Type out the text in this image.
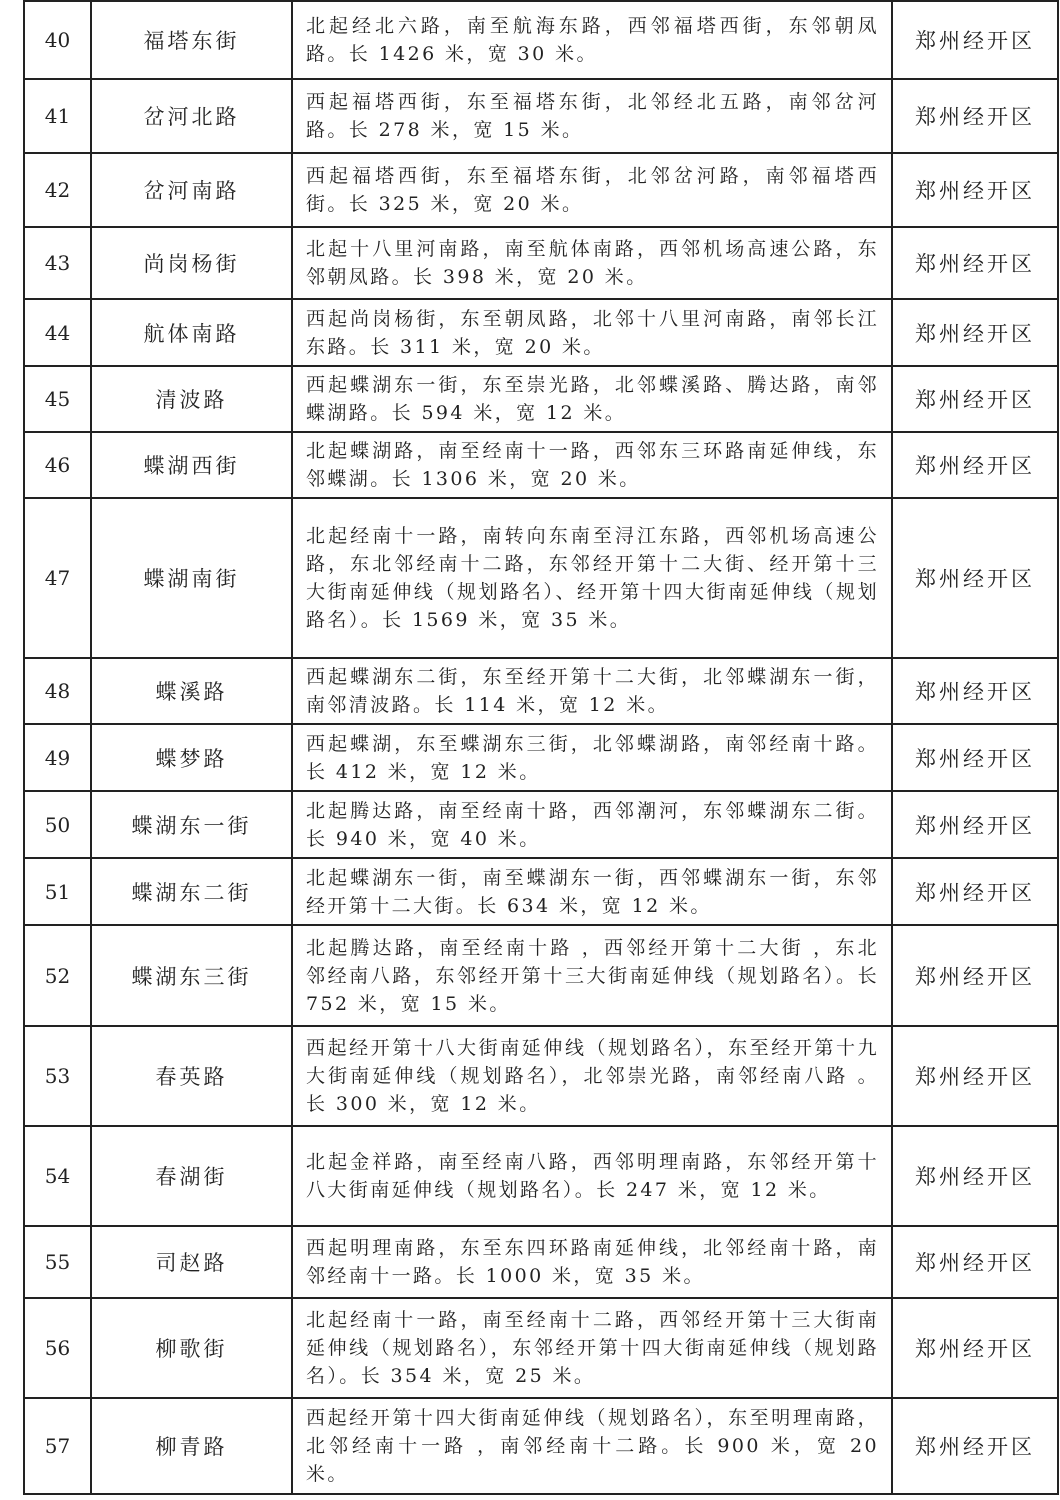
40	福塔东街	北起经北六路，南至航海东路，西邻福塔西街，东邻朝凤路。长 1426 米，宽 30 米。	郑州经开区
41	岔河北路	西起福塔西街，东至福塔东街，北邻经北五路，南邻岔河路。长 278 米，宽 15 米。	郑州经开区
42	岔河南路	西起福塔西街，东至福塔东街，北邻岔河路，南邻福塔西街。长 325 米，宽 20 米。	郑州经开区
43	尚岗杨街	北起十八里河南路，南至航体南路，西邻机场高速公路，东邻朝凤路。长 398 米，宽 20 米。	郑州经开区
44	航体南路	西起尚岗杨街，东至朝凤路，北邻十八里河南路，南邻长江东路。长 311 米，宽 20 米。	郑州经开区
45	清波路	西起蝶湖东一街，东至崇光路，北邻蝶溪路、腾达路，南邻蝶湖路。长 594 米，宽 12 米。	郑州经开区
46	蝶湖西街	北起蝶湖路，南至经南十一路，西邻东三环路南延伸线，东邻蝶湖。长 1306 米，宽 20 米。	郑州经开区
47	蝶湖南街	北起经南十一路，南转向东南至浔江东路，西邻机场高速公路，东北邻经南十二路，东邻经开第十二大街、经开第十三大街南延伸线（规划路名）、经开第十四大街南延伸线（规划路名）。长 1569 米，宽 35 米。	郑州经开区
48	蝶溪路	西起蝶湖东二街，东至经开第十二大街，北邻蝶湖东一街，南邻清波路。长 114 米，宽 12 米。	郑州经开区
49	蝶梦路	西起蝶湖，东至蝶湖东三街，北邻蝶湖路，南邻经南十路。长 412 米，宽 12 米。	郑州经开区
50	蝶湖东一街	北起腾达路，南至经南十路，西邻潮河，东邻蝶湖东二街。长 940 米，宽 40 米。	郑州经开区
51	蝶湖东二街	北起蝶湖东一街，南至蝶湖东一街，西邻蝶湖东一街，东邻经开第十二大街。长 634 米，宽 12 米。	郑州经开区
52	蝶湖东三街	北起腾达路，南至经南十路 ，西邻经开第十二大街 ，东北邻经南八路，东邻经开第十三大街南延伸线（规划路名）。长 752 米，宽 15 米。	郑州经开区
53	春英路	西起经开第十八大街南延伸线（规划路名），东至经开第十九大街南延伸线（规划路名），北邻崇光路，南邻经南八路 。长 300 米，宽 12 米。	郑州经开区
54	春湖街	北起金祥路，南至经南八路，西邻明理南路，东邻经开第十八大街南延伸线（规划路名）。长 247 米，宽 12 米。	郑州经开区
55	司赵路	西起明理南路，东至东四环路南延伸线，北邻经南十路，南邻经南十一路。长 1000 米，宽 35 米。	郑州经开区
56	柳歌街	北起经南十一路，南至经南十二路，西邻经开第十三大街南延伸线（规划路名），东邻经开第十四大街南延伸线（规划路名）。长 354 米，宽 25 米。	郑州经开区
57	柳青路	西起经开第十四大街南延伸线（规划路名），东至明理南路，北邻经南十一路 ，南邻经南十二路。长 900 米，宽 20 米。	郑州经开区
